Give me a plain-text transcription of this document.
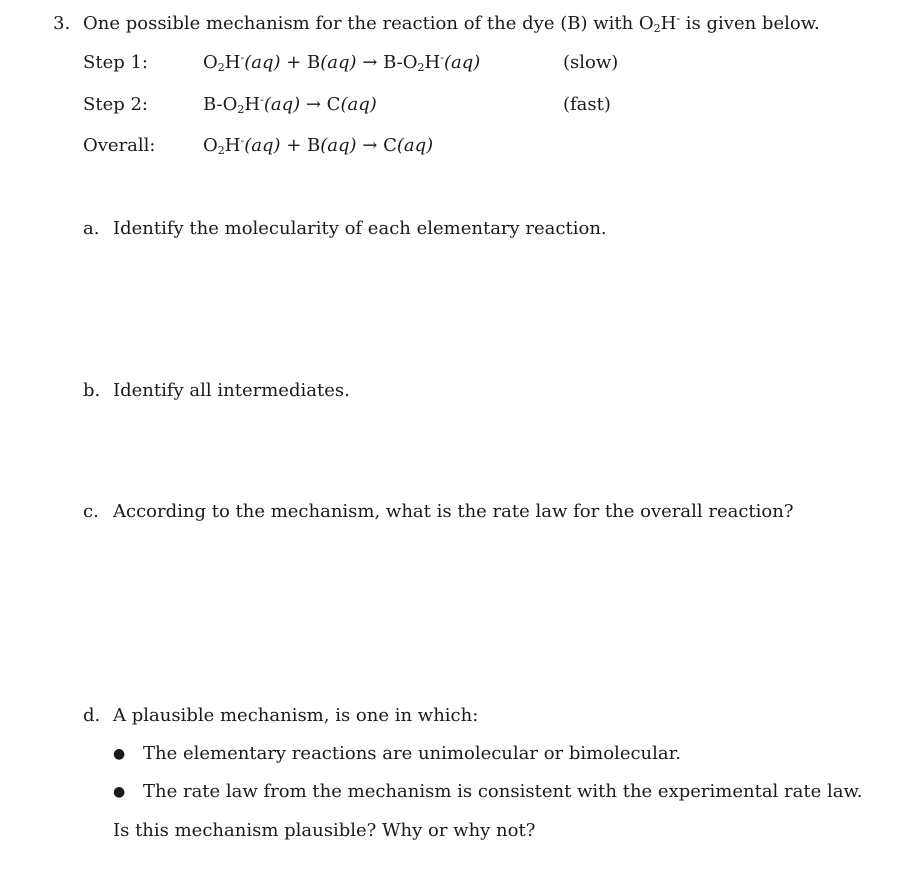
3. One possible mechanism for the reaction of the dye (B) with $O_2H^-$ is given below.
Step 1:	$O_2H^-(aq) + B(aq) \to B-O_2H^-(aq)$	(slow)
Step 2:	$B-O_2H^-(aq) \to C(aq)$	(fast)
Overall:	$O_2H^-(aq) + B(aq) \to C(aq)$
a. Identify the molecularity of each elementary reaction.
b. Identify all intermediates.
c. According to the mechanism, what is the rate law for the overall reaction?
d. A plausible mechanism, is one in which:
● The elementary reactions are unimolecular or bimolecular.
● The rate law from the mechanism is consistent with the experimental rate law.
Is this mechanism plausible? Why or why not?
